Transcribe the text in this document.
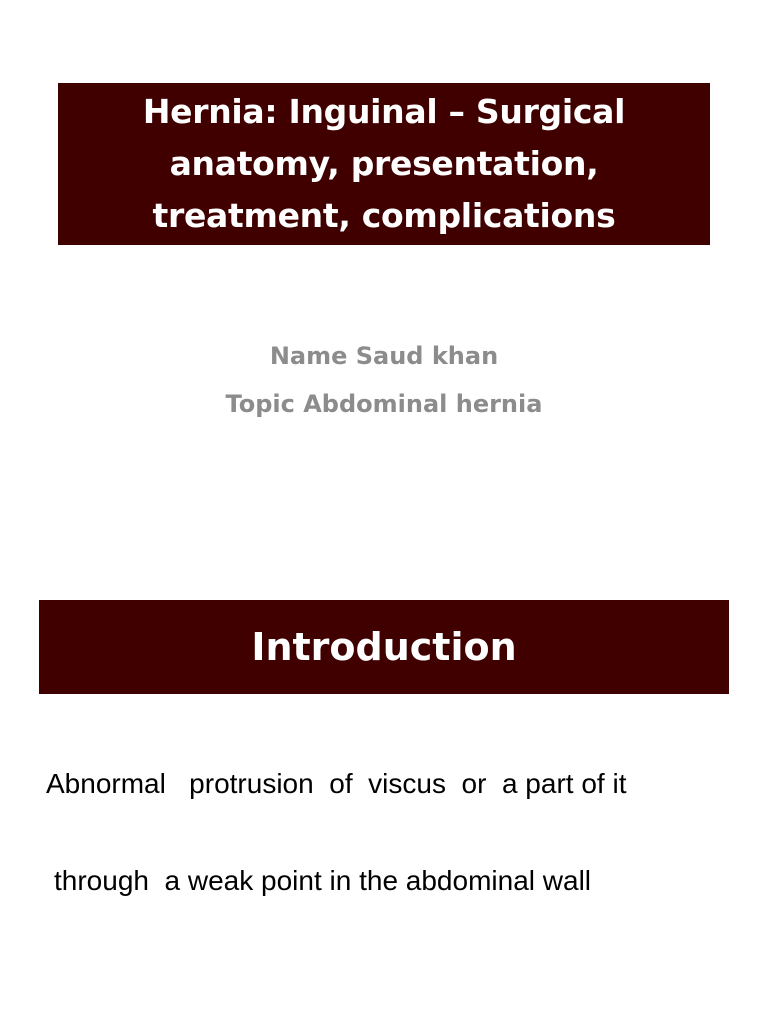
Hernia: Inguinal – Surgical anatomy, presentation, treatment, complications
Name Saud khan
Topic Abdominal hernia
Introduction
Abnormal   protrusion  of  viscus  or  a part of it
through  a weak point in the abdominal wall
